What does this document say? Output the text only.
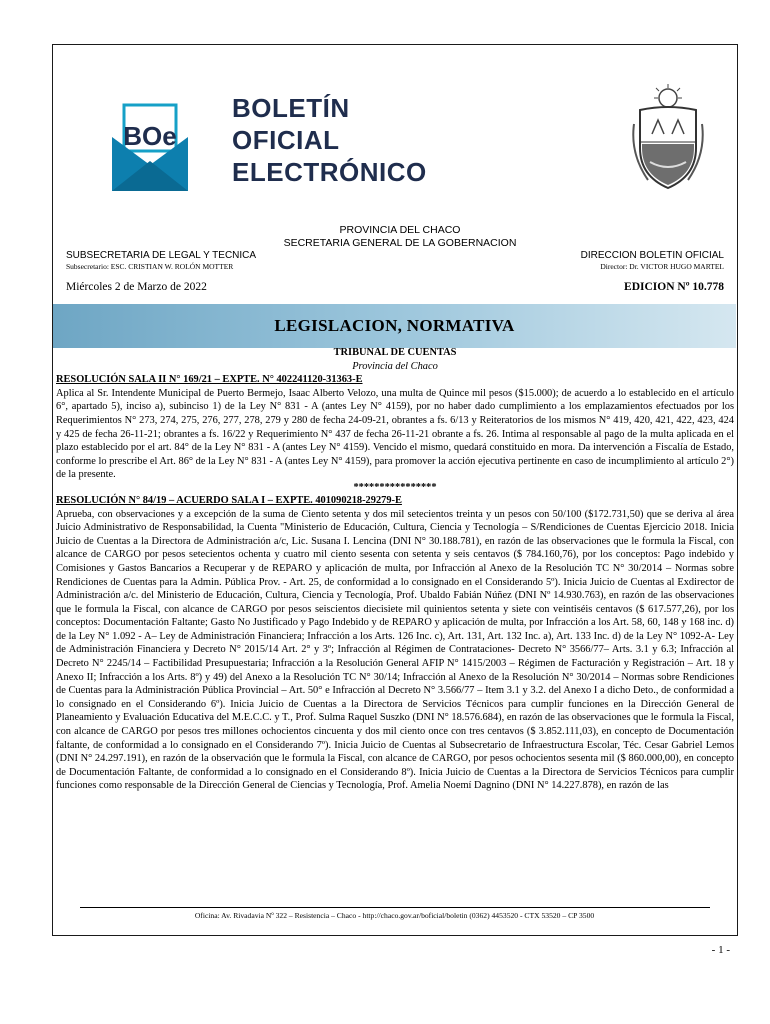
BOe
BOLETÍN
OFICIAL
ELECTRÓNICO
PROVINCIA DEL CHACO
SECRETARIA GENERAL DE LA GOBERNACION
SUBSECRETARIA DE LEGAL Y TECNICA
Subsecretario: ESC. CRISTIAN W. ROLÓN MOTTER
DIRECCION BOLETIN OFICIAL
Director: Dr. VICTOR HUGO MARTEL
Miércoles 2 de Marzo de 2022	EDICION Nº 10.778
LEGISLACION, NORMATIVA
TRIBUNAL DE CUENTAS
Provincia del Chaco
RESOLUCIÓN SALA II N° 169/21 – EXPTE. N° 402241120-31363-E

Aplica al Sr. Intendente Municipal de Puerto Bermejo, Isaac Alberto Velozo, una multa de Quince mil pesos ($15.000); de acuerdo a lo establecido en el artículo 6°, apartado 5), inciso a), subinciso 1) de la Ley N° 831 - A (antes Ley N° 4159), por no haber dado cumplimiento a los emplazamientos efectuados por los Requerimientos N° 273, 274, 275, 276, 277, 278, 279 y 280 de fecha 24-09-21, obrantes a fs. 6/13 y Reiteratorios de los mismos N° 419, 420, 421, 422, 423, 424 y 425 de fecha 26-11-21; obrantes a fs. 16/22 y Requerimiento N° 437 de fecha 26-11-21 obrante a fs. 26. Intima al responsable al pago de la multa aplicada en el plazo establecido por el art. 84° de la Ley N° 831 - A (antes Ley N° 4159). Vencido el mismo, quedará constituido en mora. Da intervención a Fiscalía de Estado, conforme lo prescribe el Art. 86° de la Ley N° 831 - A (antes Ley N° 4159), para promover la acción ejecutiva pertinente en caso de incumplimiento al artículo 2°) de la presente.

****************
RESOLUCIÓN N° 84/19 – ACUERDO SALA I – EXPTE. 401090218-29279-E

Aprueba, con observaciones y a excepción de la suma de Ciento setenta y dos mil setecientos treinta y un pesos con 50/100 ($172.731,50) que se deriva al área Juicio Administrativo de Responsabilidad, la Cuenta "Ministerio de Educación, Cultura, Ciencia y Tecnología – S/Rendiciones de Cuentas Ejercicio 2018. Inicia Juicio de Cuentas a la Directora de Administración a/c, Lic. Susana I. Lencina (DNI N° 30.188.781), en razón de las observaciones que le formula la Fiscal, con alcance de CARGO por pesos setecientos ochenta y cuatro mil ciento sesenta con setenta y seis centavos ($ 784.160,76), por los conceptos: Pago indebido y Comisiones y Gastos Bancarios a Recuperar y de REPARO y aplicación de multa, por Infracción al Anexo de la Resolución TC N° 30/2014 – Normas sobre Rendiciones de Cuentas para la Admin. Pública Prov. - Art. 25, de conformidad a lo consignado en el Considerando 5º). Inicia Juicio de Cuentas al Exdirector de Administración a/c. del Ministerio de Educación, Cultura, Ciencia y Tecnología, Prof. Ubaldo Fabián Núñez (DNI Nº 14.930.763), en razón de las observaciones que le formula la Fiscal, con alcance de CARGO por pesos seiscientos diecisiete mil quinientos setenta y siete con veintiséis centavos ($ 617.577,26), por los conceptos: Documentación Faltante; Gasto No Justificado y Pago Indebido y de REPARO y aplicación de multa, por Infracción a los Art. 58, 60, 148 y 168 inc. d) de la Ley N° 1.092 - A– Ley de Administración Financiera; Infracción a los Arts. 126 Inc. c), Art. 131, Art. 132 Inc. a), Art. 133 Inc. d) de la Ley N° 1092-A- Ley de Administración Financiera y Decreto N° 2015/14 Art. 2° y 3º; Infracción al Régimen de Contrataciones- Decreto N° 3566/77– Arts. 3.1 y 6.3; Infracción al Decreto N° 2245/14 – Factibilidad Presupuestaria; Infracción a la Resolución General AFIP N° 1415/2003 – Régimen de Facturación y Registración – Art. 18 y Anexo II; Infracción a los Arts. 8º) y 49) del Anexo a la Resolución TC N° 30/14; Infracción al Anexo de la Resolución N° 30/2014 – Normas sobre Rendiciones de Cuentas para la Administración Pública Provincial – Art. 50° e Infracción al Decreto N° 3.566/77 – Item 3.1 y 3.2. del Anexo I a dicho Deto., de conformidad a lo consignado en el Considerando 6º). Inicia Juicio de Cuentas a la Directora de Servicios Técnicos para cumplir funciones en la Dirección General de Planeamiento y Evaluación Educativa del M.E.C.C. y T., Prof. Sulma Raquel Suszko (DNI N° 18.576.684), en razón de las observaciones que le formula la Fiscal, con alcance de CARGO por pesos tres millones ochocientos cincuenta y dos mil ciento once con tres centavos ($ 3.852.111,03), en concepto de Documentación faltante, de conformidad a lo consignado en el Considerando 7º). Inicia Juicio de Cuentas al Subsecretario de Infraestructura Escolar, Téc. Cesar Gabriel Lemos (DNI N° 24.297.191), en razón de la observación que le formula la Fiscal, con alcance de CARGO, por pesos ochocientos sesenta mil ($ 860.000,00), en concepto de Documentación Faltante, de conformidad a lo consignado en el Considerando 8º). Inicia Juicio de Cuentas a la Directora de Servicios Técnicos para cumplir funciones como responsable de la Dirección General de Ciencias y Tecnología, Prof. Amelia Noemí Dagnino (DNI N° 14.227.878), en razón de las

Oficina: Av. Rivadavia Nº 322 – Resistencia – Chaco - http://chaco.gov.ar/boficial/boletin (0362) 4453520 - CTX 53520 – CP 3500
- 1 -
